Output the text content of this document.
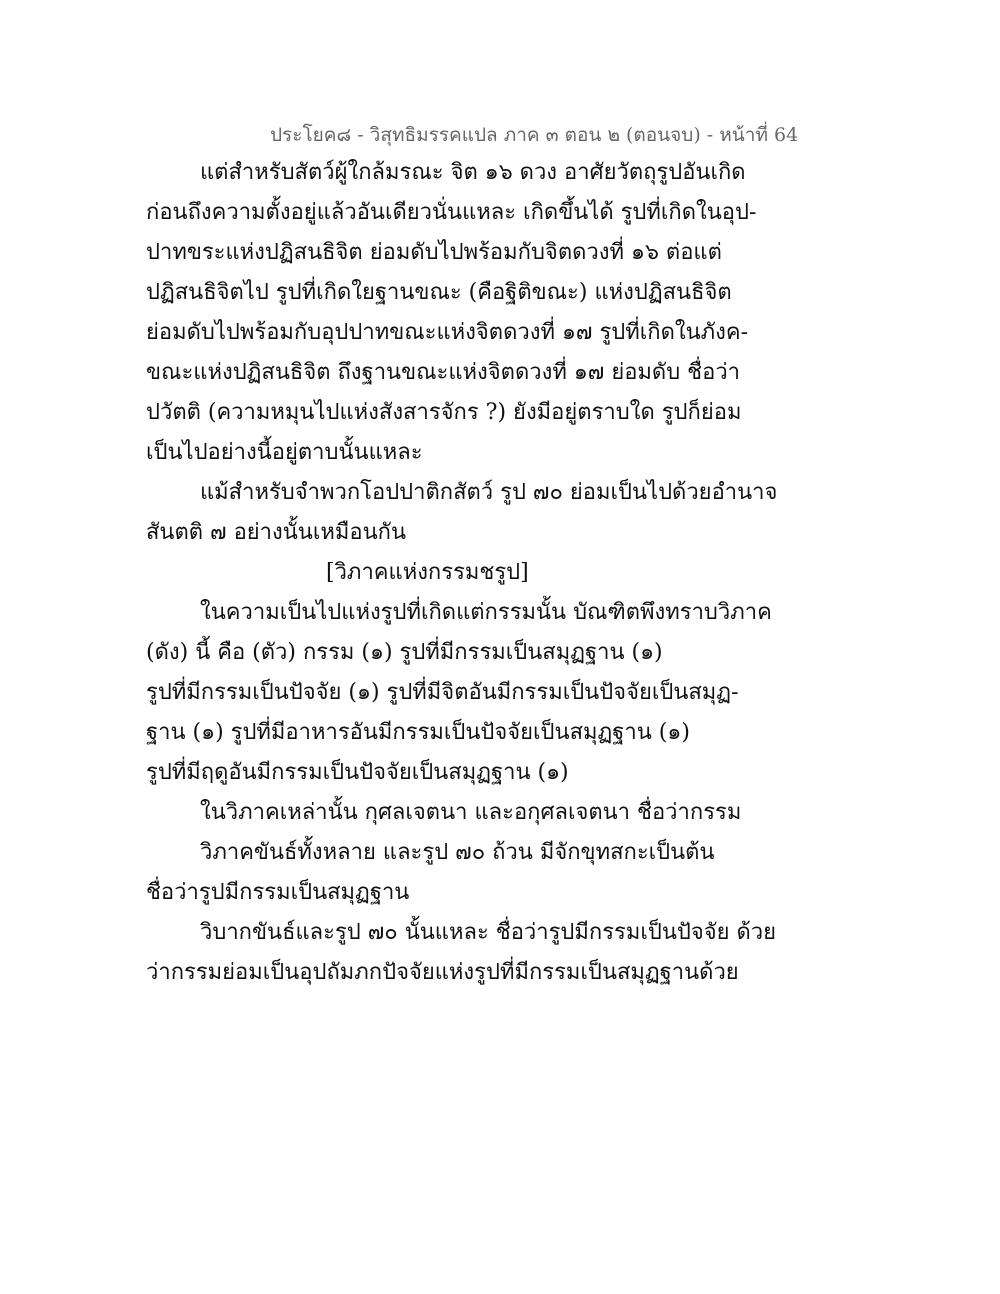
ประโยค๘ - วิสุทธิมรรคแปล ภาค ๓ ตอน ๒ (ตอนจบ) - หน้าที่ 64
แต่สำหรับสัตว์ผู้ใกล้มรณะ จิต ๑๖ ดวง อาศัยวัตถุรูปอันเกิด
ก่อนถึงความตั้งอยู่แล้วอันเดียวนั่นแหละ เกิดขึ้นได้ รูปที่เกิดในอุป-
ปาทขระแห่งปฏิสนธิจิต ย่อมดับไปพร้อมกับจิตดวงที่ ๑๖ ต่อแต่
ปฏิสนธิจิตไป รูปที่เกิดใยฐานขณะ (คือฐิติขณะ) แห่งปฏิสนธิจิต
ย่อมดับไปพร้อมกับอุปปาทขณะแห่งจิตดวงที่ ๑๗ รูปที่เกิดในภังค-
ขณะแห่งปฏิสนธิจิต ถึงฐานขณะแห่งจิตดวงที่ ๑๗ ย่อมดับ ชื่อว่า
ปวัตติ (ความหมุนไปแห่งสังสารจักร ?) ยังมีอยู่ตราบใด รูปก็ย่อม
เป็นไปอย่างนี้อยู่ตาบนั้นแหละ
แม้สำหรับจำพวกโอปปาติกสัตว์ รูป ๗๐ ย่อมเป็นไปด้วยอำนาจ
สันตติ ๗ อย่างนั้นเหมือนกัน
[วิภาคแห่งกรรมชรูป]
ในความเป็นไปแห่งรูปที่เกิดแต่กรรมนั้น บัณฑิตพึงทราบวิภาค
(ดัง) นี้ คือ (ตัว) กรรม (๑) รูปที่มีกรรมเป็นสมุฏฐาน (๑)
รูปที่มีกรรมเป็นปัจจัย (๑) รูปที่มีจิตอันมีกรรมเป็นปัจจัยเป็นสมุฏ-
ฐาน (๑) รูปที่มีอาหารอันมีกรรมเป็นปัจจัยเป็นสมุฏฐาน (๑)
รูปที่มีฤดูอันมีกรรมเป็นปัจจัยเป็นสมุฏฐาน (๑)
ในวิภาคเหล่านั้น กุศลเจตนา และอกุศลเจตนา ชื่อว่ากรรม
วิภาคขันธ์ทั้งหลาย และรูป ๗๐ ถ้วน มีจักขุทสกะเป็นต้น
ชื่อว่ารูปมีกรรมเป็นสมุฏฐาน
วิบากขันธ์และรูป ๗๐ นั้นแหละ ชื่อว่ารูปมีกรรมเป็นปัจจัย ด้วย
ว่ากรรมย่อมเป็นอุปถัมภกปัจจัยแห่งรูปที่มีกรรมเป็นสมุฏฐานด้วย
